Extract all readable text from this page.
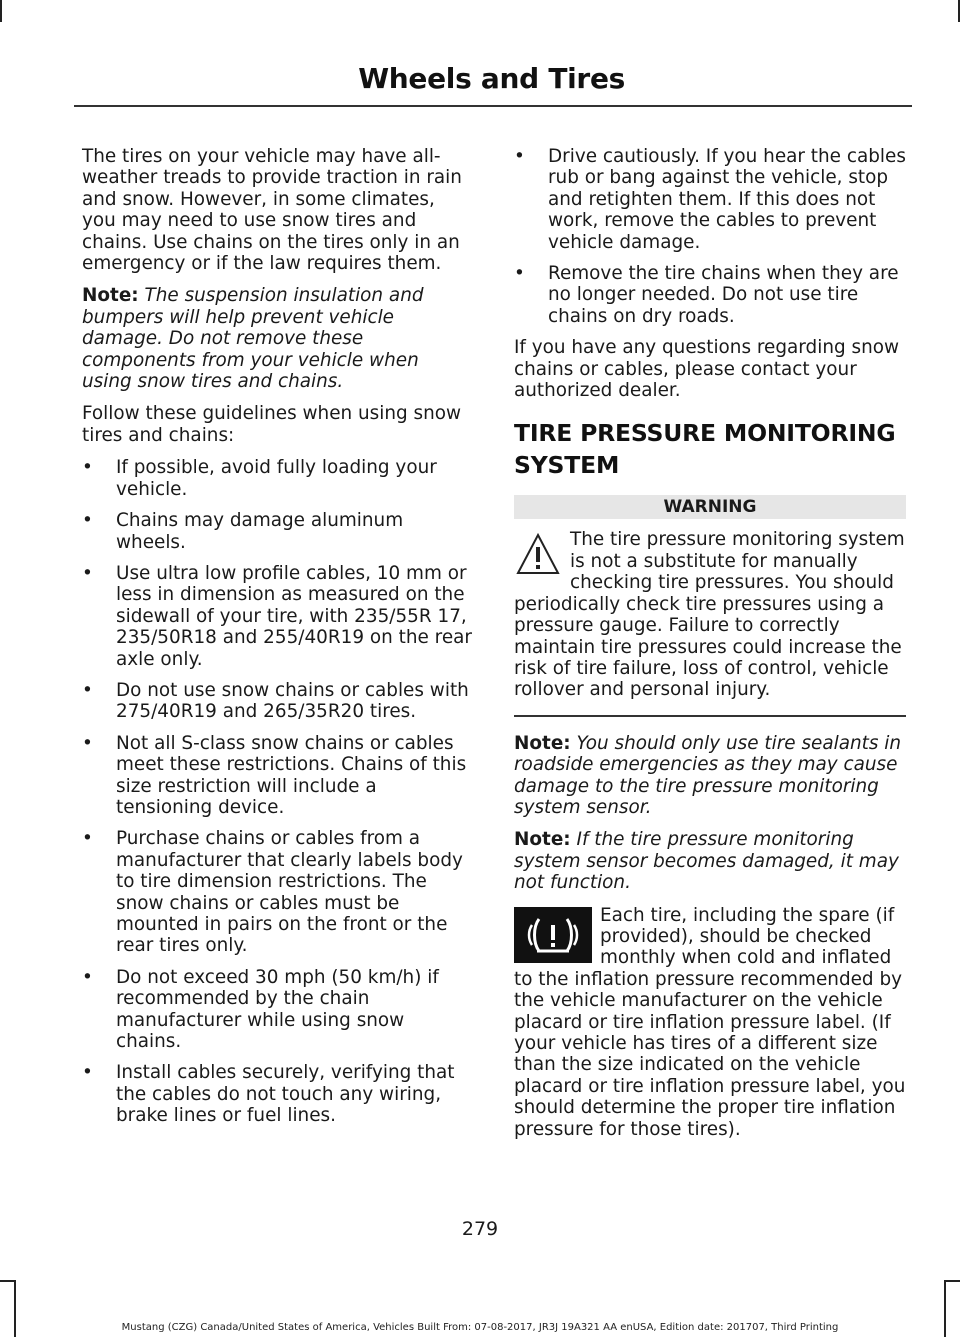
Wheels and Tires

The tires on your vehicle may have all-weather treads to provide traction in rain and snow. However, in some climates, you may need to use snow tires and chains. Use chains on the tires only in an emergency or if the law requires them.

Note: The suspension insulation and bumpers will help prevent vehicle damage. Do not remove these components from your vehicle when using snow tires and chains.

Follow these guidelines when using snow tires and chains:

• If possible, avoid fully loading your vehicle.
• Chains may damage aluminum wheels.
• Use ultra low profile cables, 10 mm or less in dimension as measured on the sidewall of your tire, with 235/55R 17, 235/50R18 and 255/40R19 on the rear axle only.
• Do not use snow chains or cables with 275/40R19 and 265/35R20 tires.
• Not all S-class snow chains or cables meet these restrictions. Chains of this size restriction will include a tensioning device.
• Purchase chains or cables from a manufacturer that clearly labels body to tire dimension restrictions. The snow chains or cables must be mounted in pairs on the front or the rear tires only.
• Do not exceed 30 mph (50 km/h) if recommended by the chain manufacturer while using snow chains.
• Install cables securely, verifying that the cables do not touch any wiring, brake lines or fuel lines.
• Drive cautiously. If you hear the cables rub or bang against the vehicle, stop and retighten them. If this does not work, remove the cables to prevent vehicle damage.
• Remove the tire chains when they are no longer needed. Do not use tire chains on dry roads.

If you have any questions regarding snow chains or cables, please contact your authorized dealer.

TIRE PRESSURE MONITORING
SYSTEM
WARNING
The tire pressure monitoring system is not a substitute for manually checking tire pressures. You should periodically check tire pressures using a pressure gauge. Failure to correctly maintain tire pressures could increase the risk of tire failure, loss of control, vehicle rollover and personal injury.

Note: You should only use tire sealants in roadside emergencies as they may cause damage to the tire pressure monitoring system sensor.

Note: If the tire pressure monitoring system sensor becomes damaged, it may not function.

Each tire, including the spare (if provided), should be checked monthly when cold and inflated to the inflation pressure recommended by the vehicle manufacturer on the vehicle placard or tire inflation pressure label. (If your vehicle has tires of a different size than the size indicated on the vehicle placard or tire inflation pressure label, you should determine the proper tire inflation pressure for those tires).
279
Mustang (CZG) Canada/United States of America, Vehicles Built From: 07-08-2017, JR3J 19A321 AA enUSA, Edition date: 201707, Third Printing
